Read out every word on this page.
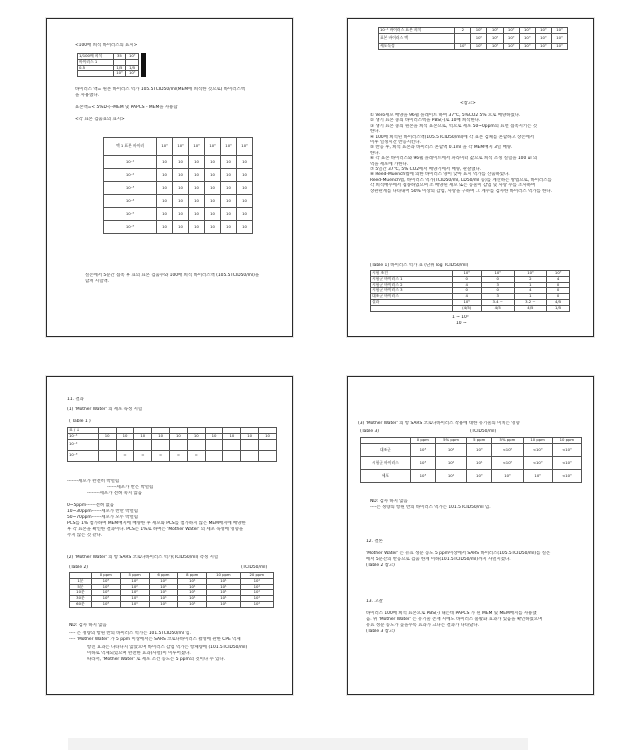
<100배 희석 바이러스의 표시>
1/100배 희석	35	10⁰
바이러스 1		
0.5	1/5	1/5
	10⁰	10⁰
바이러스 액= 원본 바이러스 역가 105.5TCID50/ml(MEM에 희석한 것으로) 바이러스액
을 사용했다.
표본액=< 5%D-(--MEM 및 PAPCS - MEM을 사용함
<각 표본 검출표의 표시>
액 1 표본 바이러	10⁰	10⁰	10⁰	10⁰	10⁰	10⁰
10⁻¹	10	10	10	10	10	10
10⁻²	10	10	10	10	10	10
10⁻³	10	10	10	10	10	10
10⁻⁴	10	10	10	10	10	10
10⁻⁵	10	10	10	10	10	10
10⁻⁶	10	10	10	10	10	10
실온에서 5분간 접촉 후 표의 표본 검출수와 100배 희석 바이러스액 (105.5TCID50/ml)을
합쳐 시험액.
10⁻¹ 바이러스 표본 희석	2	10⁰	10⁰	10⁰	10⁰	10⁰	10⁰
표본 바이러스 액		10⁰	10⁰	10⁰	10⁰	10⁰	10⁰
세포독성	10⁰	10⁰	10⁰	10⁰	10⁰	10⁰	10⁰
<참고>
① Vero세포 배양을 96웰 플레이트 하여 37℃, 5%CO2 5% 으로 배양하였다.
② 생기 표본 중의 바이러스액을 PBS(-)로 10배 희석한다.
③ 생기 표본 중의 원본을 희석 표본으로, 역으로 세포 50~0ppm의 표면 접촉시키는 것
한다.
④ 100배 희석된 바이러스액(105.5TCID50/ml)에 각 표본 검체를 혼합하고 상온에서
이후 일정시간 반응시킨다.
⑤ 반응 후, 희석 표본과 바이러스 혼합액 0.1ml 을 각 MEM배지 3일 배양.
한다.
⑥ 각 표본 바이러스와 96웰 플레이트에서 파라미터 값으로 희석 조정 실험을 100 ul 의
역을 세포에 가한다.
⑦ 5일간 37℃, 5% CO2에서 배양기에서 배양, 관찰했다.
⑧ Reed-Muench법에 의한 바이러스 양이 낮아 표시 역가를 산출하였다.
Reed-Muench법, 바이러스 역가(TCID50/ml, LD50/ml 등)를 계산하는 방법으로, 바이러스를
각 희석배수에서 접종하였으며 소 배양된 세포 또는 동물이 감염 및 사망 수를 조사하여
상관관계를 나타내어 50% 이상의 감염, 사망을 구하여 그 계수를 검사한 바이러스 역가를 한다.
[Table 1] 바이러스 역가 표 (단위 log TCID50/ml)
시험 조건	10⁰	10⁰	10⁰	10⁰
시험군 바이러스 1	0	0	2	4
시험군 바이러스 2	4	3	1	0
시험군 바이러스 3	0	0	4	0
대조군 바이러스	4	3	1	0
결과	10⁵	3.4 ~	3.2 ~	4/5
	(4/5)	4/5	4/5	1/5
1 ~ 10⁵
10 ~
11. 결과
(1) 'Mother Water' 의 세포 독성 시험
( Table 1 )
표 / ↓										
10⁻¹	10	10	10	10	10	10	10	10	10	10
10⁻²										
10⁻³		=	=	=	=	=				
-------세포가 완전히 박멸됨
------세포가 반은 박멸됨
--------세포가 전혀 죽지 않음
0~5ppm------전혀 없음
10~30ppm------세포가 반만 박멸됨
50~70ppm------세포가 모두 박멸됨
PCS를 1% 첨가하여 MEM배지에 배양한 후 세포와 PCS를 첨가하지 않은 MEM배지에 배양한
후 각 표본을 확인한 결과이다. PCS는 1%로 하여는 'Mother Water' 의 세포 독성에 영향을
주지 않는 것 같다.
(2) 'Mother Water' 의 항 SARS 코로나바이러스 역가(TCID50/ml) 측정 시험
(Table 2)	(TCID50/ml)
	0 ppm	5 ppm	6 ppm	8 ppm	10 ppm	20 ppm
1분	10³	10²	10²	10¹	10¹	10¹
5분	10³	10²	10¹	10¹	10¹	10¹
10분	10³	10²	10¹	10¹	10¹	10¹
30분	10³	10¹	10¹	10¹	10¹	10¹
60분	10³	10¹	10¹	10¹	10¹	10¹
ND: 검사 하지 않음
---- 은 정량의 항원 반의 바이러스 역가는 101.5TCID50/ml 임.
---- 'Mother Water' 가 5 ppm 이상에서는 SARS 코로나바이러스 활성에 관한 CPE 억제
항진 효과는 나타나지 않았으며 바이러스 감염 역가는 항체량에 (101.5TCID50/ml)
이하로 억제되었으며 완전한 효과(사멸)이 이루어졌다.
따라서, 'Mother Water' 로 세포 조건 농도는 5 ppm의 것이다 수 있다.
(3) 'Mother Water' 의 항 SARS 코로나바이러스 작용에 대한 유기물의 미치는 영향
(Table 3)	(TCID50/ml)
	0 ppm	5% ppm	5 ppm	5% ppm	10 ppm	10 ppm
대조군	10³	10²	10⁰	<10⁰	<10⁰	<10⁰
시험군 바이러스	10³	10²	10¹	<10⁰	<10⁰	<10⁰
세포	10³	10¹	10⁰	10⁰	10⁰	<10⁰
ND: 검사 하지 않음
----은 정량의 항원 반의 바이러스 역가는 101.5TCID50/ml 임.
12. 결론
'Mother Water' 는 유효 성분 농도 5 ppm이상에서 SARS 바이러스(105.5TCID50/ml)를 실온
에서 5분간의 반응으로 검출 한계 이하(101.5TCID50/ml)까지 사멸시켰다.
(Table 2 참고)
13. 고찰
바이러스 100배 희석 표본으로 PBS(-) 내는데 PAPCS 가 된 MEM 및 MEM배지를 사용했
음. 위 'Mother Water' 는 유기물 존재 시에도 바이러스 불활화 효과가 있음을 확인하였으며
유효 성분 농도가 높을수록 효과가 크다는 결과가 나타났다.
(Table 3 참고)
